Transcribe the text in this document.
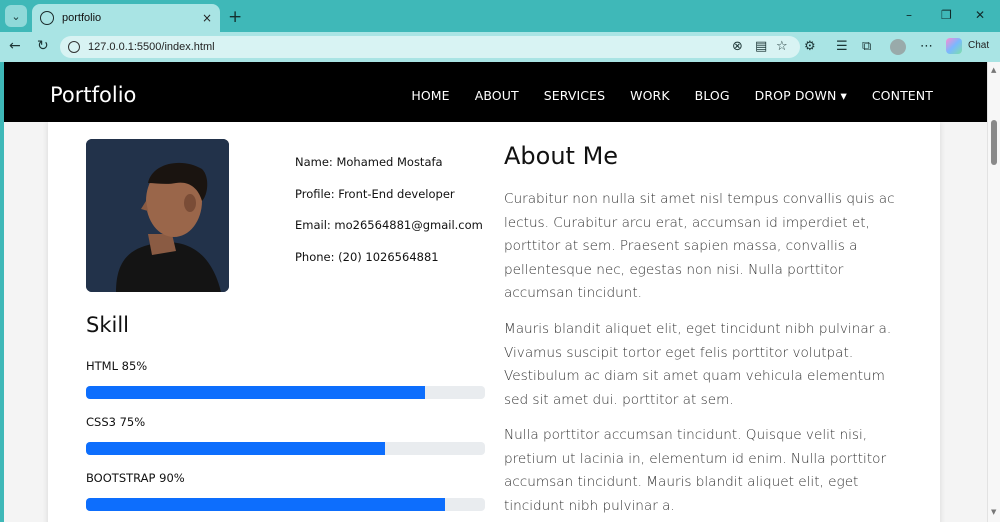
⌄	portfolio	× +	– ❐ ✕
← ↻	127.0.0.1:5500/index.html	⊗ ▤ ☆ ⚙ ☰ ⧉	⋯	Chat
Portfolio	HOME ABOUT SERVICES WORK BLOG DROP DOWN ▾ CONTENT
Name: Mohamed Mostafa
Profile: Front-End developer
Email: mo26564881@gmail.com
Phone: (20) 1026564881
Skill
HTML 85%
CSS3 75%
BOOTSTRAP 90%
About Me

Curabitur non nulla sit amet nisl tempus convallis quis ac lectus. Curabitur arcu erat, accumsan id imperdiet et, porttitor at sem. Praesent sapien massa, convallis a pellentesque nec, egestas non nisi. Nulla porttitor accumsan tincidunt.

Mauris blandit aliquet elit, eget tincidunt nibh pulvinar a. Vivamus suscipit tortor eget felis porttitor volutpat. Vestibulum ac diam sit amet quam vehicula elementum sed sit amet dui. porttitor at sem.

Nulla porttitor accumsan tincidunt. Quisque velit nisi, pretium ut lacinia in, elementum id enim. Nulla porttitor accumsan tincidunt. Mauris blandit aliquet elit, eget tincidunt nibh pulvinar a.

▲
▼
